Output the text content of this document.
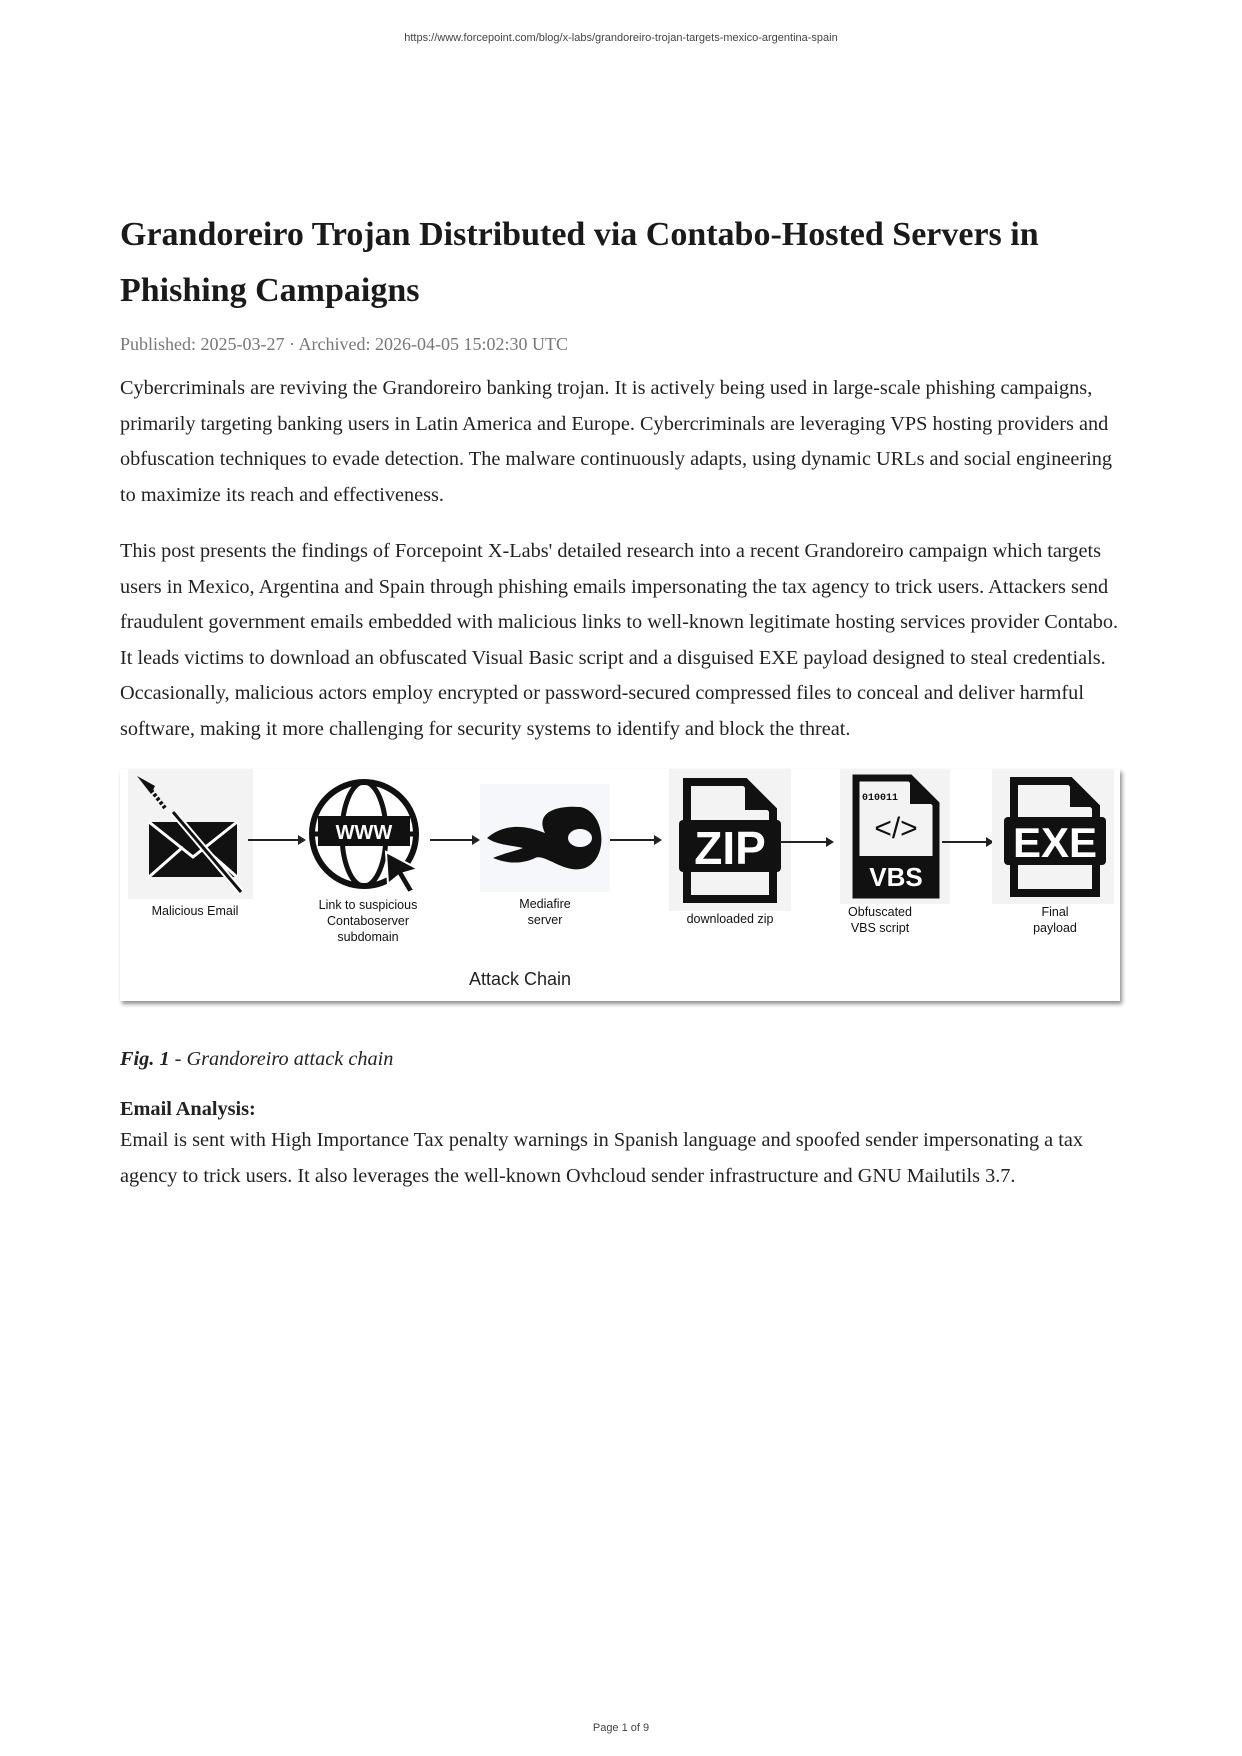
https://www.forcepoint.com/blog/x-labs/grandoreiro-trojan-targets-mexico-argentina-spain
Grandoreiro Trojan Distributed via Contabo-Hosted Servers in Phishing Campaigns
Published: 2025-03-27 · Archived: 2026-04-05 15:02:30 UTC

Cybercriminals are reviving the Grandoreiro banking trojan. It is actively being used in large-scale phishing campaigns, primarily targeting banking users in Latin America and Europe. Cybercriminals are leveraging VPS hosting providers and obfuscation techniques to evade detection. The malware continuously adapts, using dynamic URLs and social engineering to maximize its reach and effectiveness.

This post presents the findings of Forcepoint X-Labs' detailed research into a recent Grandoreiro campaign which targets users in Mexico, Argentina and Spain through phishing emails impersonating the tax agency to trick users. Attackers send fraudulent government emails embedded with malicious links to well-known legitimate hosting services provider Contabo. It leads victims to download an obfuscated Visual Basic script and a disguised EXE payload designed to steal credentials. Occasionally, malicious actors employ encrypted or password-secured compressed files to conceal and deliver harmful software, making it more challenging for security systems to identify and block the threat.

Malicious Email
WWW
Link to suspicious Contaboserver subdomain
Mediafire server
ZIP
downloaded zip
010011
</>
VBS
Obfuscated VBS script
EXE
Final payload
Attack Chain
Fig. 1 - Grandoreiro attack chain
Email Analysis:

Email is sent with High Importance Tax penalty warnings in Spanish language and spoofed sender impersonating a tax agency to trick users. It also leverages the well-known Ovhcloud sender infrastructure and GNU Mailutils 3.7.

Page 1 of 9
